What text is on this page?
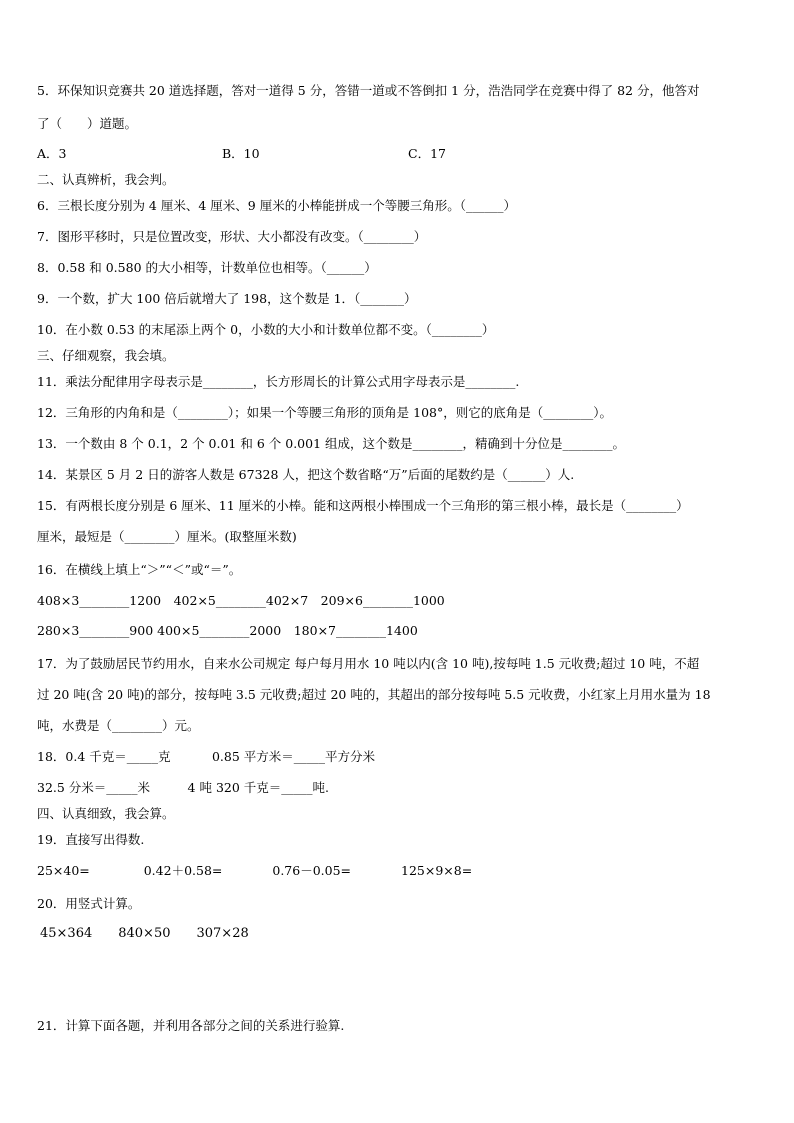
5．环保知识竞赛共 20 道选择题，答对一道得 5 分，答错一道或不答倒扣 1 分，浩浩同学在竞赛中得了 82 分，他答对
了（　　）道题。
A．3	B．10	C．17
二、认真辨析，我会判。
6．三根长度分别为 4 厘米、4 厘米、9 厘米的小棒能拼成一个等腰三角形。（______）
7．图形平移时，只是位置改变，形状、大小都没有改变。（________）
8．0.58 和 0.580 的大小相等，计数单位也相等。（______）
9．一个数，扩大 100 倍后就增大了 198，这个数是 1．（_______）
10．在小数 0.53 的末尾添上两个 0，小数的大小和计数单位都不变。（________）
三、仔细观察，我会填。
11．乘法分配律用字母表示是________，长方形周长的计算公式用字母表示是________.
12．三角形的内角和是（________）；如果一个等腰三角形的顶角是 108°，则它的底角是（________）。
13．一个数由 8 个 0.1，2 个 0.01 和 6 个 0.001 组成，这个数是________，精确到十分位是________。
14．某景区 5 月 2 日的游客人数是 67328 人，把这个数省略“万”后面的尾数约是（______）人.
15．有两根长度分别是 6 厘米、11 厘米的小棒。能和这两根小棒围成一个三角形的第三根小棒，最长是（________）
厘米，最短是（________）厘米。(取整厘米数)
16．在横线上填上“＞”“＜”或“＝”。
408×3________1200　402×5________402×7　209×6________1000
280×3________900 400×5________2000　180×7________1400
17．为了鼓励居民节约用水，自来水公司规定 每户每月用水 10 吨以内(含 10 吨),按每吨 1.5 元收费;超过 10 吨，不超
过 20 吨(含 20 吨)的部分，按每吨 3.5 元收费;超过 20 吨的，其超出的部分按每吨 5.5 元收费，小红家上月用水量为 18
吨，水费是（________）元。
18．0.4 千克＝_____克　　　 0.85 平方米＝_____平方分米
32.5 分米＝_____米　　　4 吨 320 千克＝_____吨.
四、认真细致，我会算。
19．直接写出得数.
25×40=　　　　 0.42＋0.58=　　　　0.76－0.05=　　　　125×9×8=
20．用竖式计算。
45×364　　840×50　　307×28
21．计算下面各题，并利用各部分之间的关系进行验算.
